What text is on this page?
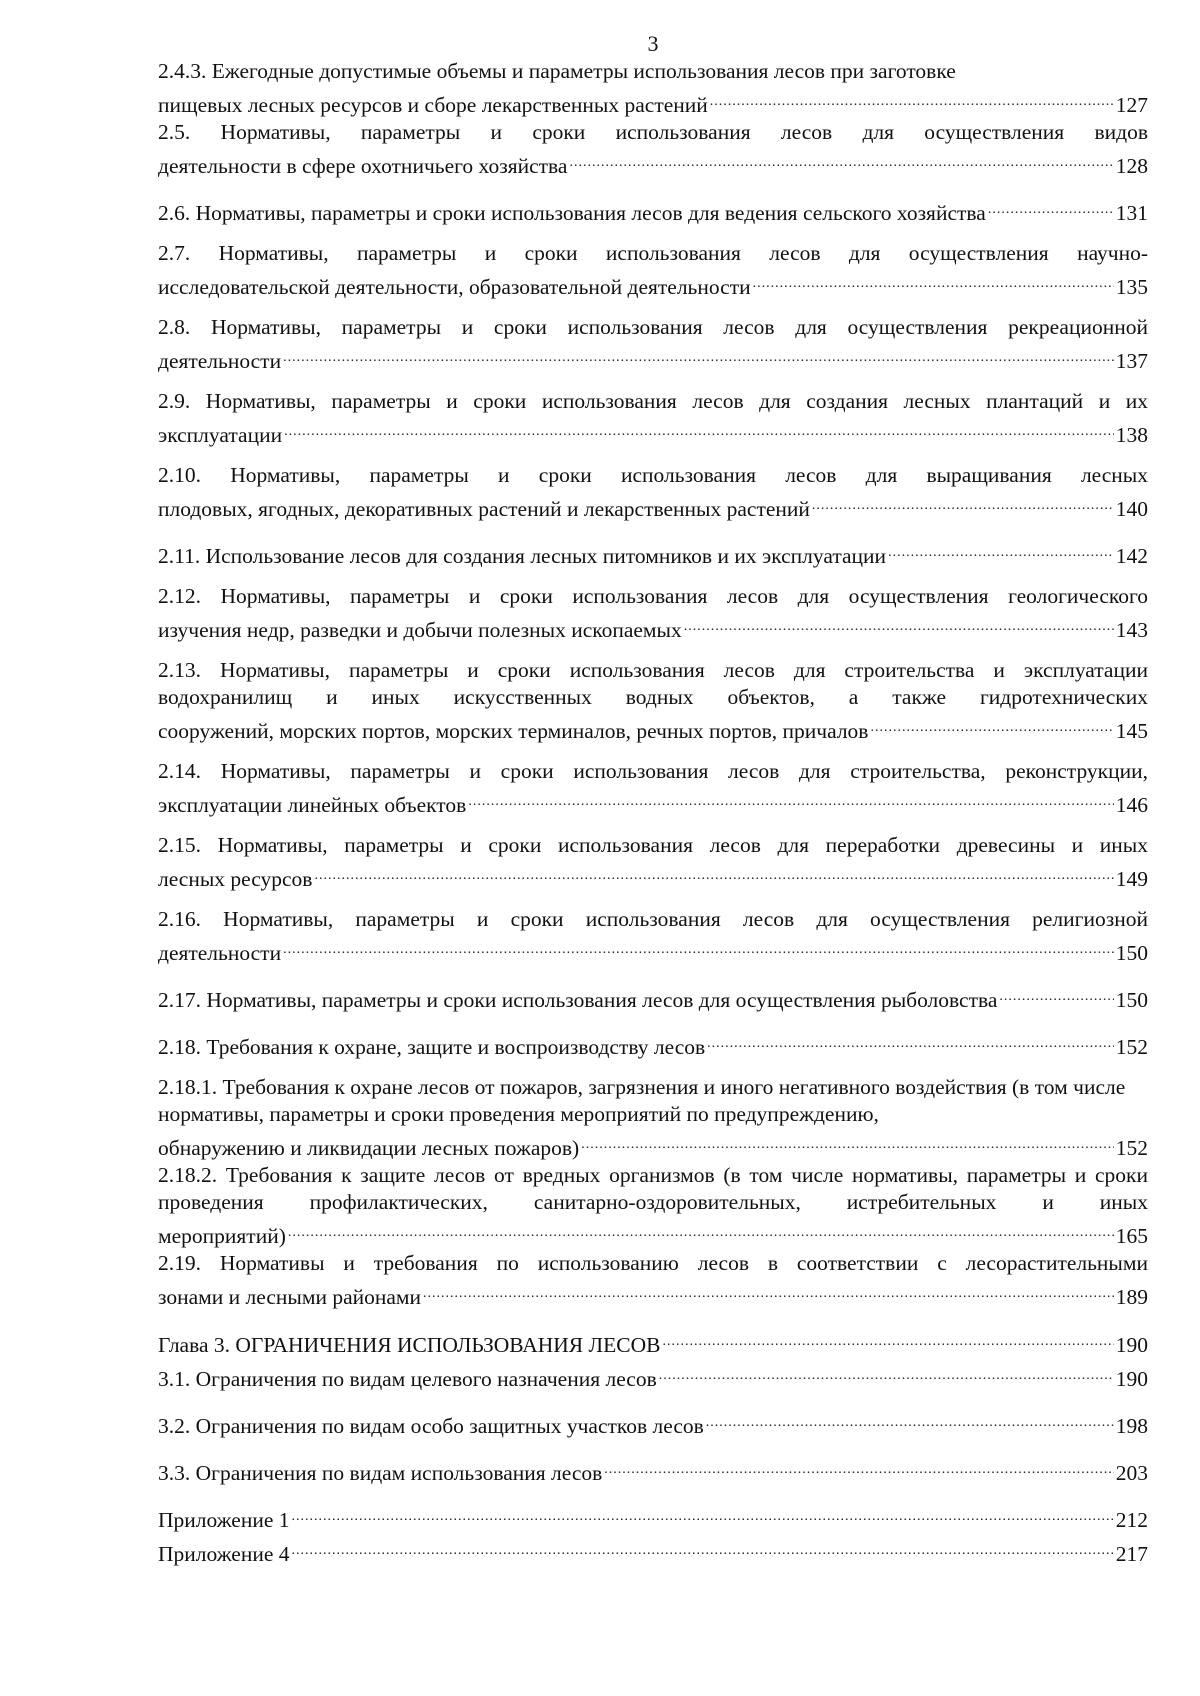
3
2.4.3. Ежегодные допустимые объемы и параметры использования лесов при заготовке
пищевых лесных ресурсов и сборе лекарственных растений .....	127
2.5. Нормативы, параметры и сроки использования лесов для осуществления видов
деятельности в сфере охотничьего хозяйства .....	128
2.6. Нормативы, параметры и сроки использования лесов для ведения сельского хозяйства .....	131
2.7. Нормативы, параметры и сроки использования лесов для осуществления научно-
исследовательской деятельности, образовательной деятельности .....	135
2.8. Нормативы, параметры и сроки использования лесов для осуществления рекреационной
деятельности .....	137
2.9. Нормативы, параметры и сроки использования лесов для создания лесных плантаций и их
эксплуатации .....	138
2.10. Нормативы, параметры и сроки использования лесов для выращивания лесных
плодовых, ягодных, декоративных растений и лекарственных растений .....	140
2.11. Использование лесов для создания лесных питомников и их эксплуатации .....	142
2.12. Нормативы, параметры и сроки использования лесов для осуществления геологического
изучения недр, разведки и добычи полезных ископаемых .....	143
2.13. Нормативы, параметры и сроки использования лесов для строительства и эксплуатации водохранилищ и иных искусственных водных объектов, а также гидротехнических
сооружений, морских портов, морских терминалов, речных портов, причалов .....	145
2.14. Нормативы, параметры и сроки использования лесов для строительства, реконструкции,
эксплуатации линейных объектов .....	146
2.15. Нормативы, параметры и сроки использования лесов для переработки древесины и иных
лесных ресурсов .....	149
2.16. Нормативы, параметры и сроки использования лесов для осуществления религиозной
деятельности .....	150
2.17. Нормативы, параметры и сроки использования лесов для осуществления рыболовства .....	150
2.18. Требования к охране, защите и воспроизводству лесов .....	152
2.18.1. Требования к охране лесов от пожаров, загрязнения и иного негативного воздействия (в том числе нормативы, параметры и сроки проведения мероприятий по предупреждению,
обнаружению и ликвидации лесных пожаров) .....	152
2.18.2. Требования к защите лесов от вредных организмов (в том числе нормативы, параметры и сроки проведения профилактических, санитарно-оздоровительных, истребительных и иных
мероприятий) .....	165
2.19. Нормативы и требования по использованию лесов в соответствии с лесорастительными
зонами и лесными районами .....	189
Глава 3. ОГРАНИЧЕНИЯ ИСПОЛЬЗОВАНИЯ ЛЕСОВ .....	190
3.1. Ограничения по видам целевого назначения лесов .....	190
3.2. Ограничения по видам особо защитных участков лесов .....	198
3.3. Ограничения по видам использования лесов .....	203
Приложение 1 .....	212
Приложение 4 .....	217
